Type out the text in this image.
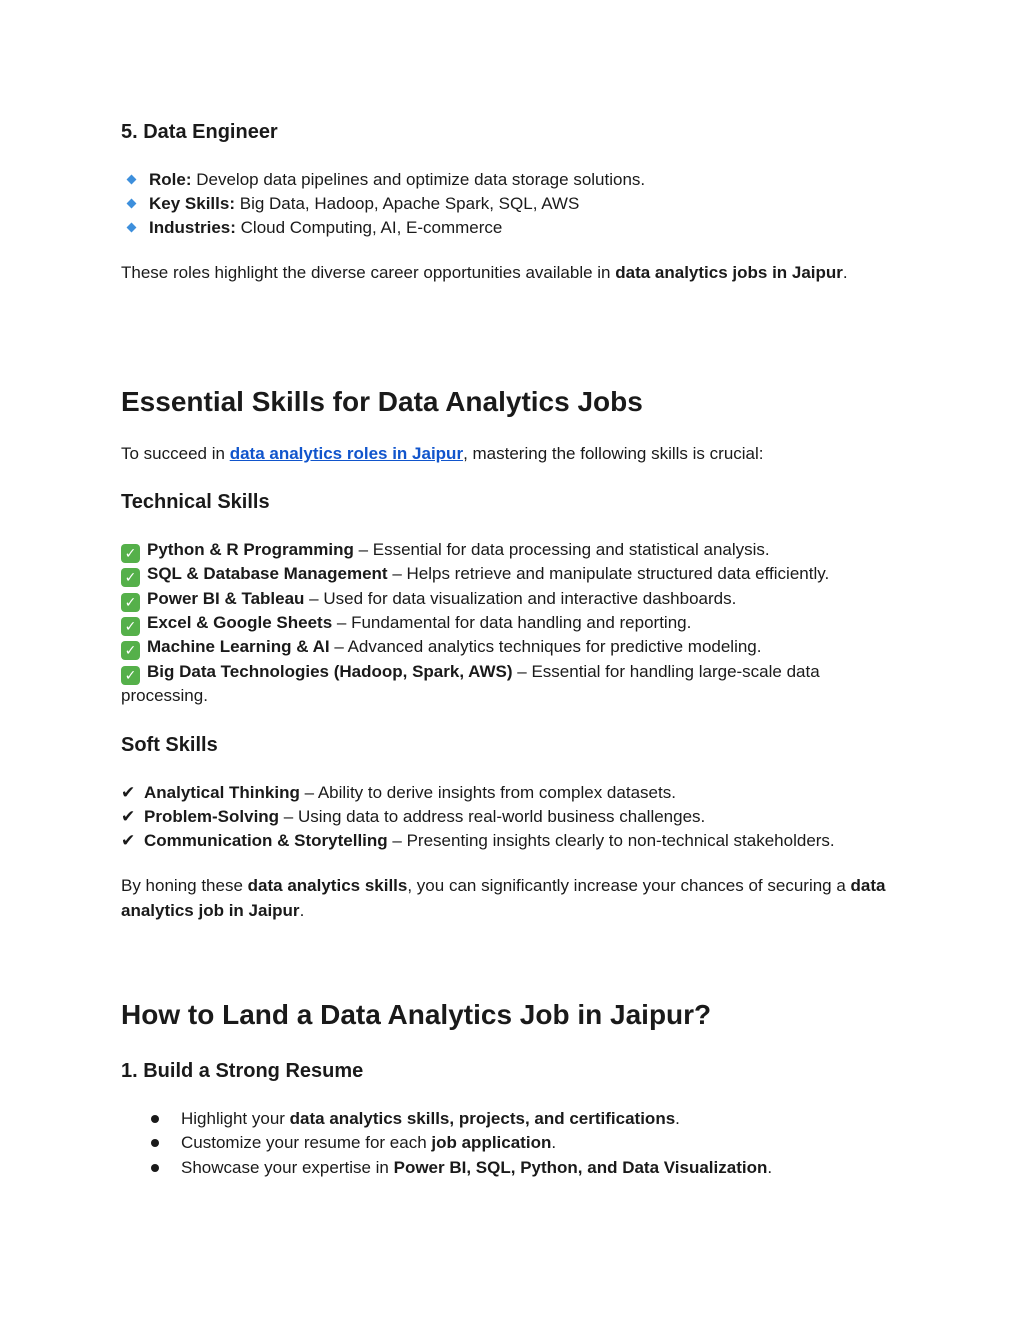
5. Data Engineer
Role: Develop data pipelines and optimize data storage solutions.
Key Skills: Big Data, Hadoop, Apache Spark, SQL, AWS
Industries: Cloud Computing, AI, E-commerce

These roles highlight the diverse career opportunities available in data analytics jobs in Jaipur.

Essential Skills for Data Analytics Jobs
To succeed in data analytics roles in Jaipur, mastering the following skills is crucial:
Technical Skills
✓ Python & R Programming – Essential for data processing and statistical analysis.
✓ SQL & Database Management – Helps retrieve and manipulate structured data efficiently.
✓ Power BI & Tableau – Used for data visualization and interactive dashboards.
✓ Excel & Google Sheets – Fundamental for data handling and reporting.
✓ Machine Learning & AI – Advanced analytics techniques for predictive modeling.
✓ Big Data Technologies (Hadoop, Spark, AWS) – Essential for handling large-scale data
processing.
Soft Skills
✔ Analytical Thinking – Ability to derive insights from complex datasets.
✔ Problem-Solving – Using data to address real-world business challenges.
✔ Communication & Storytelling – Presenting insights clearly to non-technical stakeholders.

By honing these data analytics skills, you can significantly increase your chances of securing a data analytics job in Jaipur.

How to Land a Data Analytics Job in Jaipur?
1. Build a Strong Resume
Highlight your data analytics skills, projects, and certifications.
Customize your resume for each job application.
Showcase your expertise in Power BI, SQL, Python, and Data Visualization.
